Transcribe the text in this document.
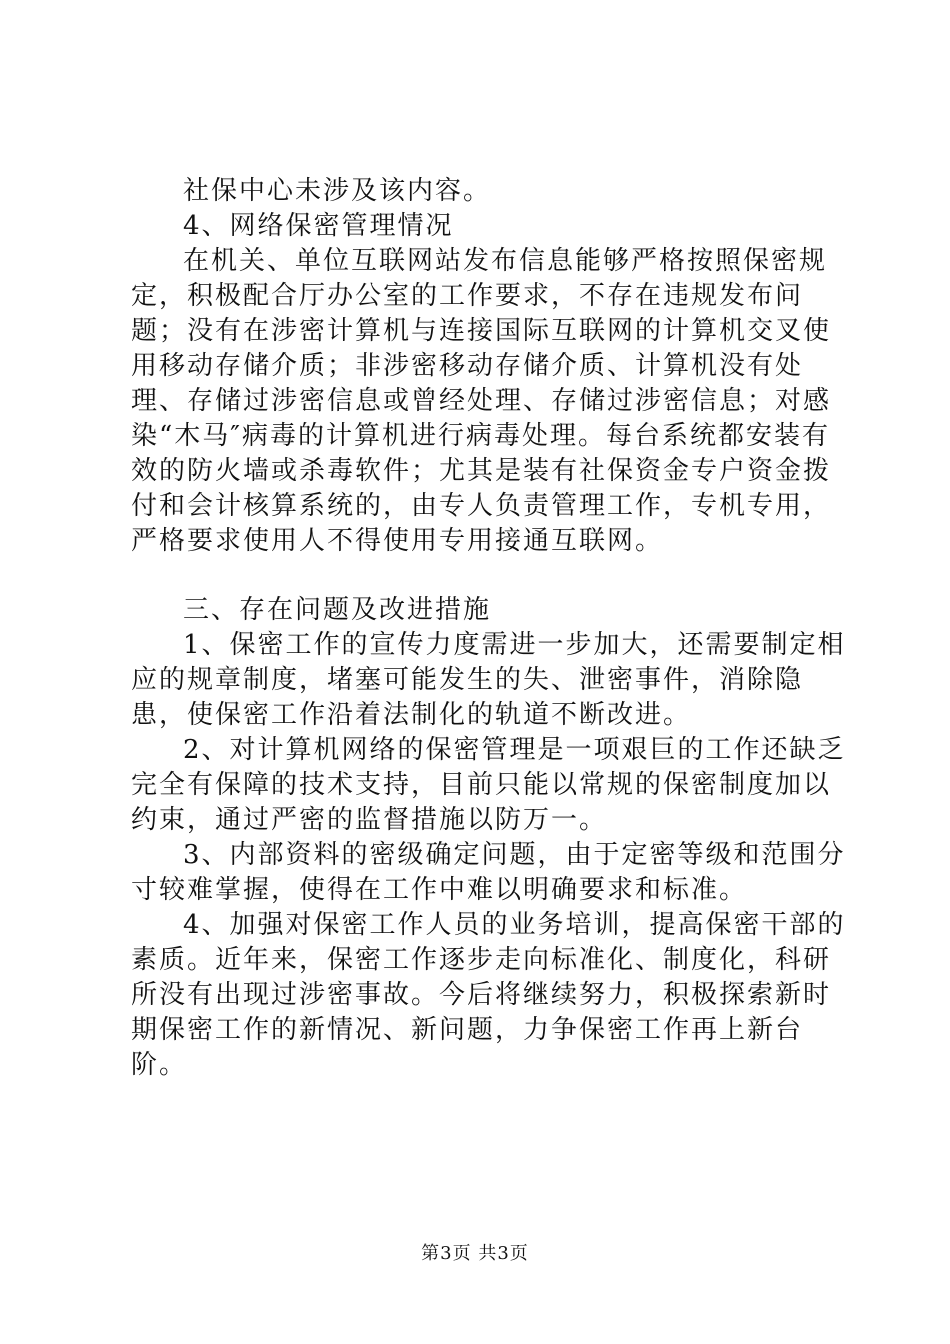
社保中心未涉及该内容。

4、网络保密管理情况

在机关、单位互联网站发布信息能够严格按照保密规定，积极配合厅办公室的工作要求，不存在违规发布问题；没有在涉密计算机与连接国际互联网的计算机交叉使用移动存储介质；非涉密移动存储介质、计算机没有处理、存储过涉密信息或曾经处理、存储过涉密信息；对感染“木马″病毒的计算机进行病毒处理。每台系统都安装有效的防火墙或杀毒软件；尤其是装有社保资金专户资金拨付和会计核算系统的，由专人负责管理工作，专机专用，严格要求使用人不得使用专用接通互联网。

三、存在问题及改进措施

1、保密工作的宣传力度需进一步加大，还需要制定相应的规章制度，堵塞可能发生的失、泄密事件，消除隐患，使保密工作沿着法制化的轨道不断改进。

2、对计算机网络的保密管理是一项艰巨的工作还缺乏完全有保障的技术支持，目前只能以常规的保密制度加以约束，通过严密的监督措施以防万一。

3、内部资料的密级确定问题，由于定密等级和范围分寸较难掌握，使得在工作中难以明确要求和标准。

4、加强对保密工作人员的业务培训，提高保密干部的素质。近年来，保密工作逐步走向标准化、制度化，科研所没有出现过涉密事故。今后将继续努力，积极探索新时期保密工作的新情况、新问题，力争保密工作再上新台阶。

第3页 共3页
